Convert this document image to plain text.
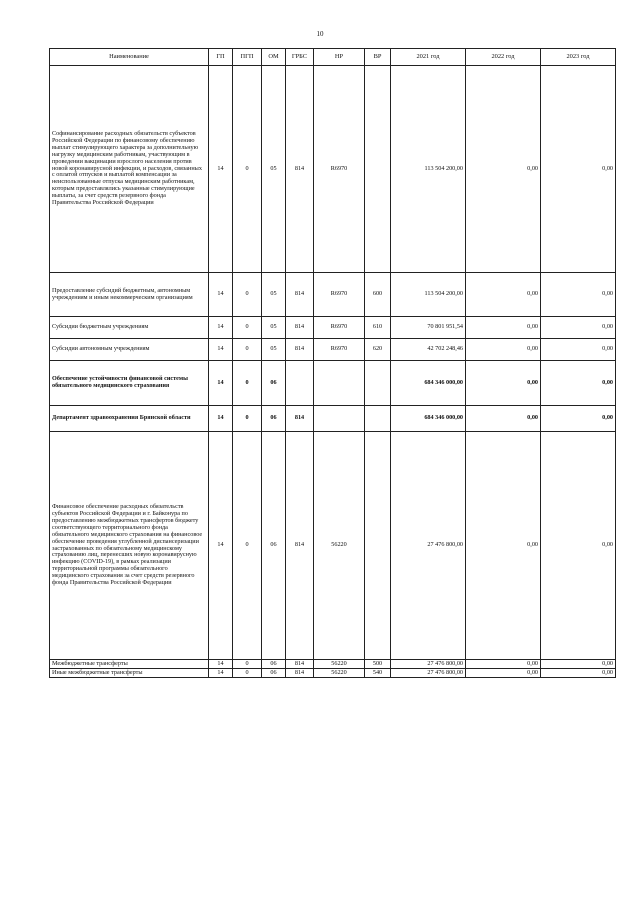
10
Наименование	ГП	ПГП	ОМ	ГРБС	НР	ВР	2021 год	2022 год	2023 год
Софинансирование расходных обязательств субъектов Российской Федерации по финансовому обеспечению выплат стимулирующего характера за дополнительную нагрузку медицинским работникам, участвующим в проведении вакцинации взрослого населения против новой коронавирусной инфекции, и расходов, связанных с оплатой отпусков и выплатой компенсации за неиспользованные отпуска медицинским работникам, которым предоставлялись указанные стимулирующие выплаты, за счет средств резервного фонда Правительства Российской Федерации	14	0	05	814	R6970		113 504 200,00	0,00	0,00
Предоставление субсидий бюджетным, автономным учреждениям и иным некоммерческим организациям	14	0	05	814	R6970	600	113 504 200,00	0,00	0,00
Субсидии бюджетным учреждениям	14	0	05	814	R6970	610	70 801 951,54	0,00	0,00
Субсидии автономным учреждениям	14	0	05	814	R6970	620	42 702 248,46	0,00	0,00
Обеспечение устойчивости финансовой системы обязательного медицинского страхования	14	0	06				684 346 000,00	0,00	0,00
Департамент здравоохранения Брянской области	14	0	06	814			684 346 000,00	0,00	0,00
Финансовое обеспечение расходных обязательств субъектов Российской Федерации и г. Байконура по предоставлению межбюджетных трансфертов бюджету соответствующего территориального фонда обязательного медицинского страхования на финансовое обеспечение проведения углубленной диспансеризации застрахованных по обязательному медицинскому страхованию лиц, перенесших новую коронавирусную инфекцию (COVID-19), в рамках реализации территориальной программы обязательного медицинского страхования за счет средств резервного фонда Правительства Российской Федерации	14	0	06	814	56220		27 476 800,00	0,00	0,00
Межбюджетные трансферты	14	0	06	814	56220	500	27 476 800,00	0,00	0,00
Иные межбюджетные трансферты	14	0	06	814	56220	540	27 476 800,00	0,00	0,00
